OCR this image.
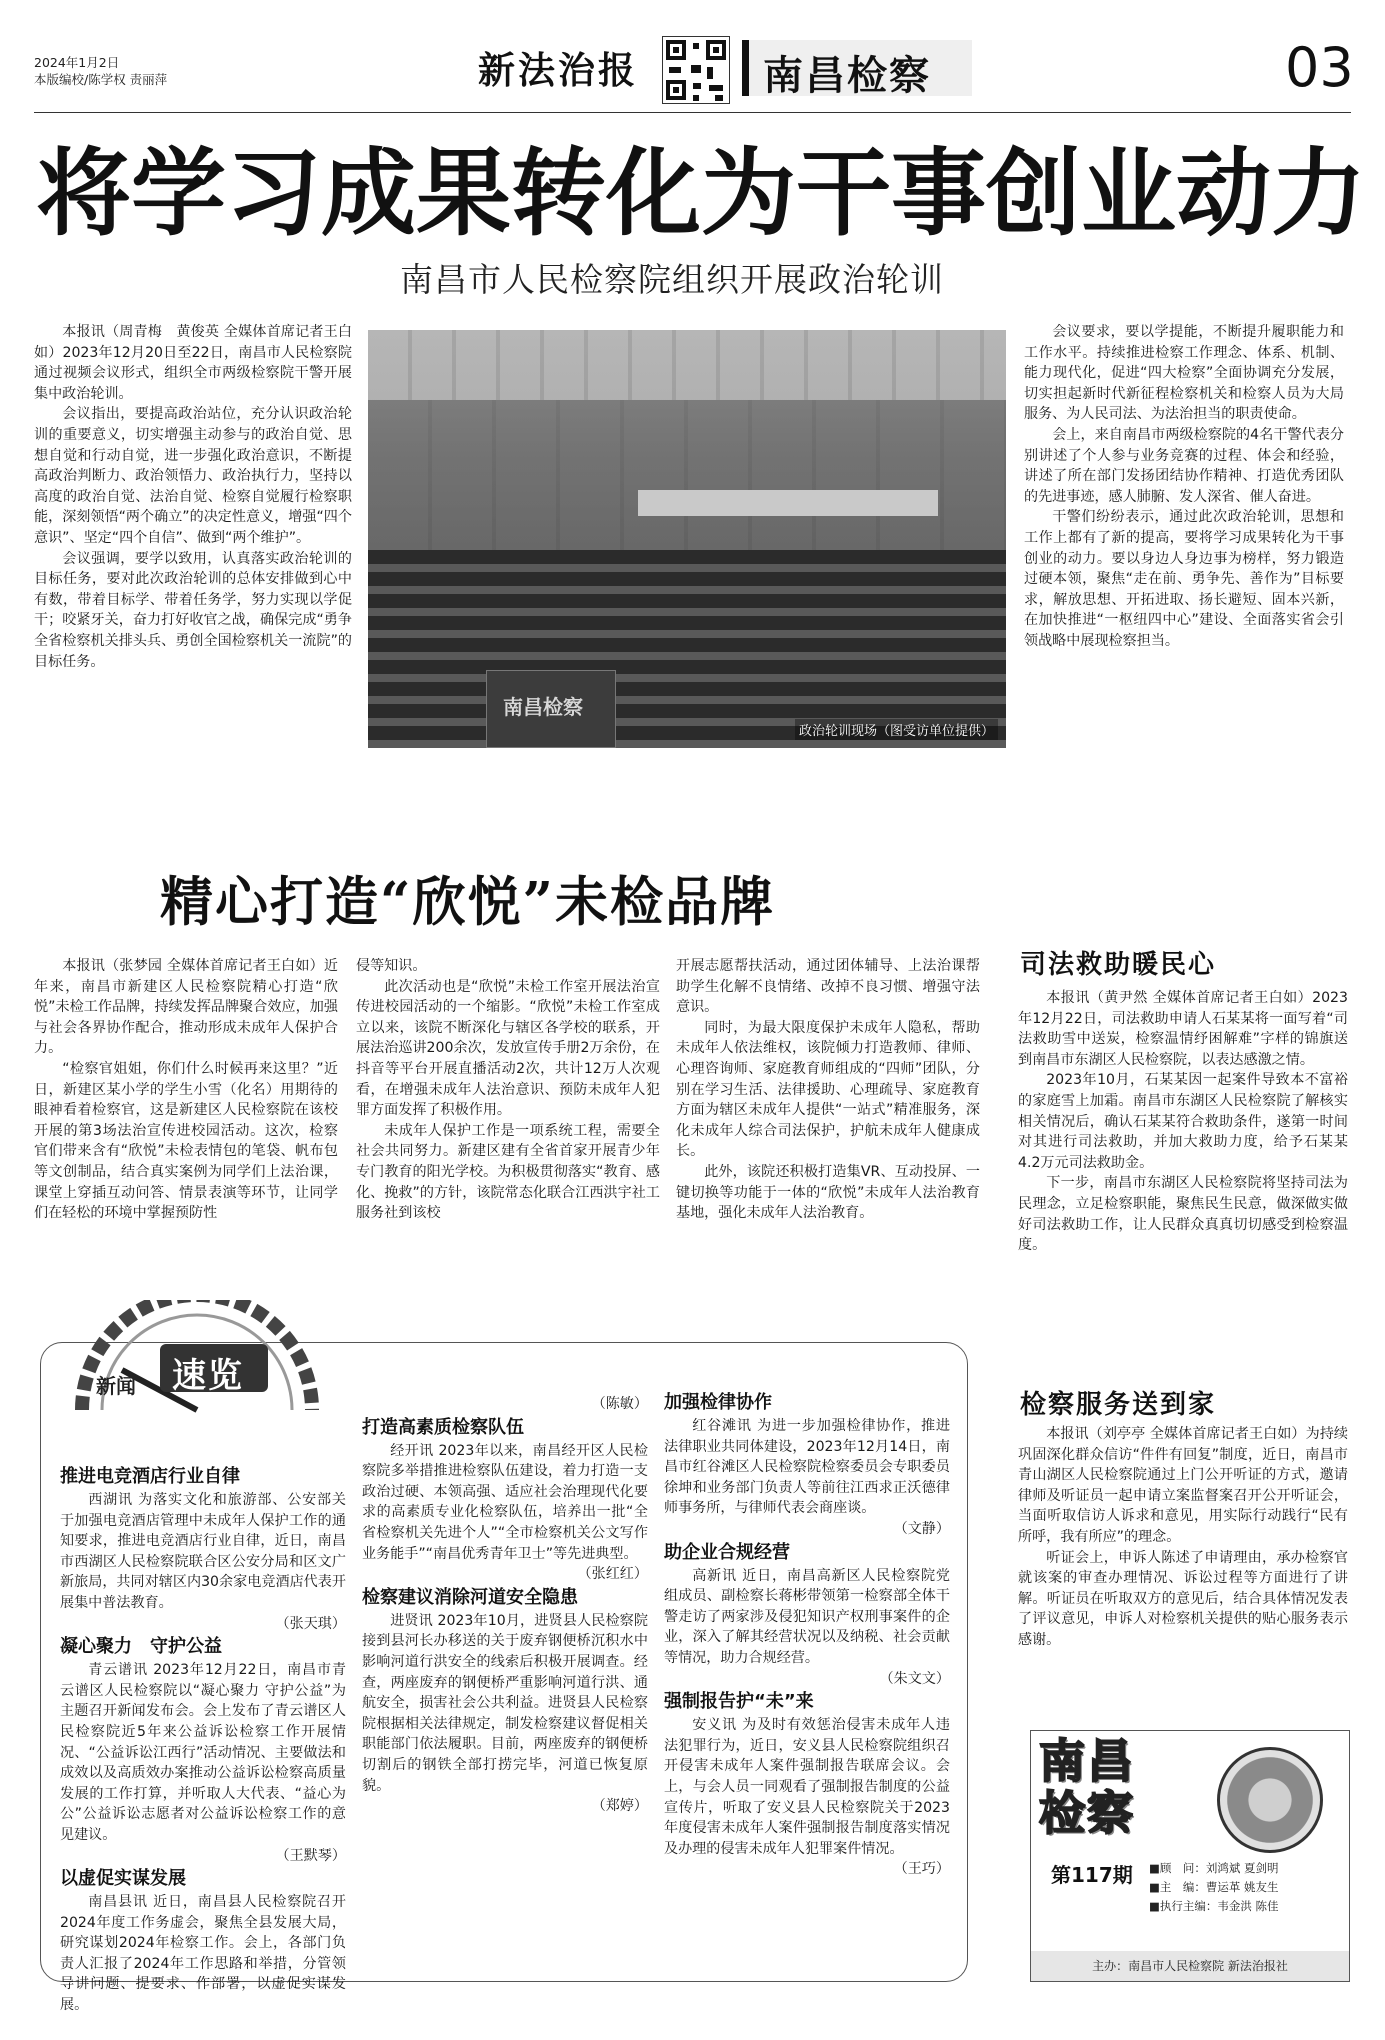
2024年1月2日
本版编校/陈学权 责丽萍	新法治报	南昌检察	03
将学习成果转化为干事创业动力
南昌市人民检察院组织开展政治轮训

本报讯（周青梅　黄俊英 全媒体首席记者王白如）2023年12月20日至22日，南昌市人民检察院通过视频会议形式，组织全市两级检察院干警开展集中政治轮训。

会议指出，要提高政治站位，充分认识政治轮训的重要意义，切实增强主动参与的政治自觉、思想自觉和行动自觉，进一步强化政治意识，不断提高政治判断力、政治领悟力、政治执行力，坚持以高度的政治自觉、法治自觉、检察自觉履行检察职能，深刻领悟“两个确立”的决定性意义，增强“四个意识”、坚定“四个自信”、做到“两个维护”。

会议强调，要学以致用，认真落实政治轮训的目标任务，要对此次政治轮训的总体安排做到心中有数，带着目标学、带着任务学，努力实现以学促干；咬紧牙关，奋力打好收官之战，确保完成“勇争全省检察机关排头兵、勇创全国检察机关一流院”的目标任务。

南昌检察
政治轮训现场（图受访单位提供）

会议要求，要以学提能，不断提升履职能力和工作水平。持续推进检察工作理念、体系、机制、能力现代化，促进“四大检察”全面协调充分发展，切实担起新时代新征程检察机关和检察人员为大局服务、为人民司法、为法治担当的职责使命。

会上，来自南昌市两级检察院的4名干警代表分别讲述了个人参与业务竞赛的过程、体会和经验，讲述了所在部门发扬团结协作精神、打造优秀团队的先进事迹，感人肺腑、发人深省、催人奋进。

干警们纷纷表示，通过此次政治轮训，思想和工作上都有了新的提高，要将学习成果转化为干事创业的动力。要以身边人身边事为榜样，努力锻造过硬本领，聚焦“走在前、勇争先、善作为”目标要求，解放思想、开拓进取、扬长避短、固本兴新，在加快推进“一枢纽四中心”建设、全面落实省会引领战略中展现检察担当。

精心打造“欣悦”未检品牌

本报讯（张梦园 全媒体首席记者王白如）近年来，南昌市新建区人民检察院精心打造“欣悦”未检工作品牌，持续发挥品牌聚合效应，加强与社会各界协作配合，推动形成未成年人保护合力。

“检察官姐姐，你们什么时候再来这里？”近日，新建区某小学的学生小雪（化名）用期待的眼神看着检察官，这是新建区人民检察院在该校开展的第3场法治宣传进校园活动。这次，检察官们带来含有“欣悦”未检表情包的笔袋、帆布包等文创制品，结合真实案例为同学们上法治课，课堂上穿插互动问答、情景表演等环节，让同学们在轻松的环境中掌握预防性

侵等知识。

此次活动也是“欣悦”未检工作室开展法治宣传进校园活动的一个缩影。“欣悦”未检工作室成立以来，该院不断深化与辖区各学校的联系，开展法治巡讲200余次，发放宣传手册2万余份，在抖音等平台开展直播活动2次，共计12万人次观看，在增强未成年人法治意识、预防未成年人犯罪方面发挥了积极作用。

未成年人保护工作是一项系统工程，需要全社会共同努力。新建区建有全省首家开展青少年专门教育的阳光学校。为积极贯彻落实“教育、感化、挽救”的方针，该院常态化联合江西洪宇社工服务社到该校

开展志愿帮扶活动，通过团体辅导、上法治课帮助学生化解不良情绪、改掉不良习惯、增强守法意识。

同时，为最大限度保护未成年人隐私，帮助未成年人依法维权，该院倾力打造教师、律师、心理咨询师、家庭教育师组成的“四师”团队，分别在学习生活、法律援助、心理疏导、家庭教育方面为辖区未成年人提供“一站式”精准服务，深化未成年人综合司法保护，护航未成年人健康成长。

此外，该院还积极打造集VR、互动投屏、一键切换等功能于一体的“欣悦”未成年人法治教育基地，强化未成年人法治教育。

司法救助暖民心

本报讯（黄尹然 全媒体首席记者王白如）2023年12月22日，司法救助申请人石某某将一面写着“司法救助雪中送炭，检察温情纾困解难”字样的锦旗送到南昌市东湖区人民检察院，以表达感激之情。

2023年10月，石某某因一起案件导致本不富裕的家庭雪上加霜。南昌市东湖区人民检察院了解核实相关情况后，确认石某某符合救助条件，遂第一时间对其进行司法救助，并加大救助力度，给予石某某4.2万元司法救助金。

下一步，南昌市东湖区人民检察院将坚持司法为民理念，立足检察职能，聚焦民生民意，做深做实做好司法救助工作，让人民群众真真切切感受到检察温度。

检察服务送到家

本报讯（刘亭亭 全媒体首席记者王白如）为持续巩固深化群众信访“件件有回复”制度，近日，南昌市青山湖区人民检察院通过上门公开听证的方式，邀请律师及听证员一起申请立案监督案召开公开听证会，当面听取信访人诉求和意见，用实际行动践行“民有所呼，我有所应”的理念。

听证会上，申诉人陈述了申请理由，承办检察官就该案的审查办理情况、诉讼过程等方面进行了讲解。听证员在听取双方的意见后，结合具体情况发表了评议意见，申诉人对检察机关提供的贴心服务表示感谢。

新闻 速览
推进电竞酒店行业自律

西湖讯 为落实文化和旅游部、公安部关于加强电竞酒店管理中未成年人保护工作的通知要求，推进电竞酒店行业自律，近日，南昌市西湖区人民检察院联合区公安分局和区文广新旅局，共同对辖区内30余家电竞酒店代表开展集中普法教育。

（张天琪）
凝心聚力　守护公益

青云谱讯 2023年12月22日，南昌市青云谱区人民检察院以“凝心聚力 守护公益”为主题召开新闻发布会。会上发布了青云谱区人民检察院近5年来公益诉讼检察工作开展情况、“公益诉讼江西行”活动情况、主要做法和成效以及高质效办案推动公益诉讼检察高质量发展的工作打算，并听取人大代表、“益心为公”公益诉讼志愿者对公益诉讼检察工作的意见建议。

（王默琴）
以虚促实谋发展

南昌县讯 近日，南昌县人民检察院召开2024年度工作务虚会，聚焦全县发展大局，研究谋划2024年检察工作。会上，各部门负责人汇报了2024年工作思路和举措，分管领导讲问题、提要求、作部署，以虚促实谋发展。

（陈敏）
打造高素质检察队伍

经开讯 2023年以来，南昌经开区人民检察院多举措推进检察队伍建设，着力打造一支政治过硬、本领高强、适应社会治理现代化要求的高素质专业化检察队伍，培养出一批“全省检察机关先进个人”“全市检察机关公文写作业务能手”“南昌优秀青年卫士”等先进典型。

（张红红）
检察建议消除河道安全隐患

进贤讯 2023年10月，进贤县人民检察院接到县河长办移送的关于废弃钢便桥沉积水中影响河道行洪安全的线索后积极开展调查。经查，两座废弃的钢便桥严重影响河道行洪、通航安全，损害社会公共利益。进贤县人民检察院根据相关法律规定，制发检察建议督促相关职能部门依法履职。目前，两座废弃的钢便桥切割后的钢铁全部打捞完毕，河道已恢复原貌。

（郑婷）
加强检律协作

红谷滩讯 为进一步加强检律协作，推进法律职业共同体建设，2023年12月14日，南昌市红谷滩区人民检察院检察委员会专职委员徐坤和业务部门负责人等前往江西求正沃德律师事务所，与律师代表会商座谈。

（文静）
助企业合规经营

高新讯 近日，南昌高新区人民检察院党组成员、副检察长蒋彬带领第一检察部全体干警走访了两家涉及侵犯知识产权刑事案件的企业，深入了解其经营状况以及纳税、社会贡献等情况，助力合规经营。

（朱文文）
强制报告护“未”来

安义讯 为及时有效惩治侵害未成年人违法犯罪行为，近日，安义县人民检察院组织召开侵害未成年人案件强制报告联席会议。会上，与会人员一同观看了强制报告制度的公益宣传片，听取了安义县人民检察院关于2023年度侵害未成年人案件强制报告制度落实情况及办理的侵害未成年人犯罪案件情况。

（王巧）
南昌
检察
第117期 ■顾　问：刘鸿斌 夏剑明
■主　编：曹运革 姚友生
■执行主编：韦金洪 陈佳
主办：南昌市人民检察院 新法治报社
